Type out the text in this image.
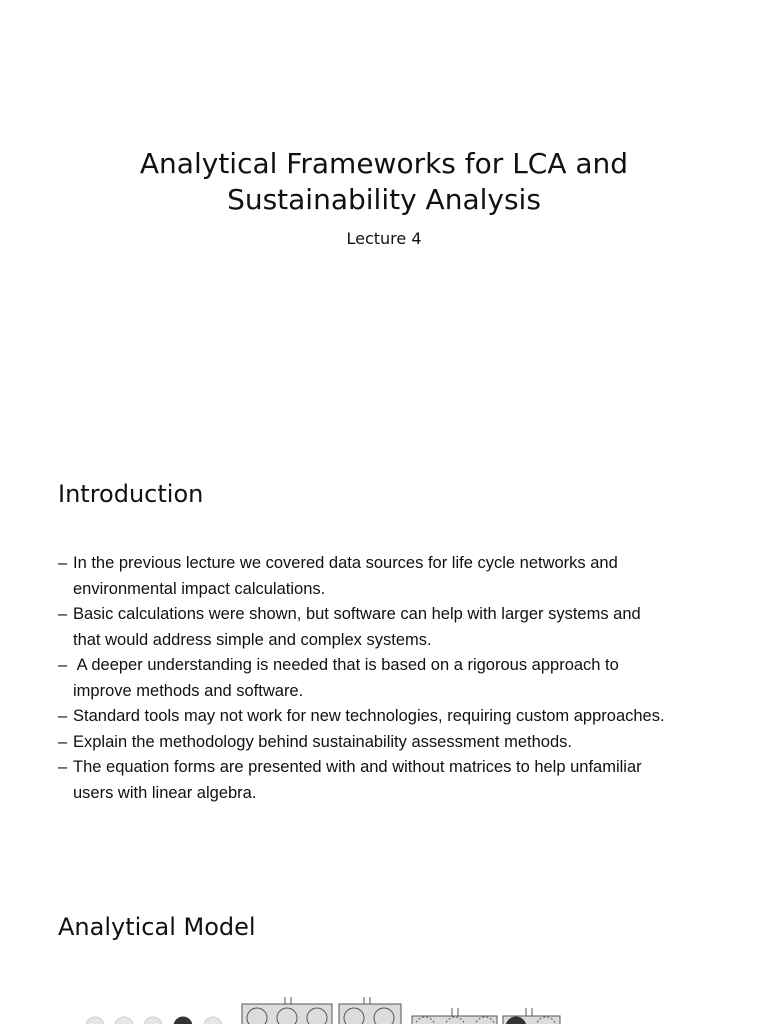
Analytical Frameworks for LCA and
Sustainability Analysis
Lecture 4
Introduction
– In the previous lecture we covered data sources for life cycle networks and
environmental impact calculations.
– Basic calculations were shown, but software can help with larger systems and
that would address simple and complex systems.
– A deeper understanding is needed that is based on a rigorous approach to
improve methods and software.
– Standard tools may not work for new technologies, requiring custom approaches.
– Explain the methodology behind sustainability assessment methods.
– The equation forms are presented with and without matrices to help unfamiliar
users with linear algebra.
Analytical Model
